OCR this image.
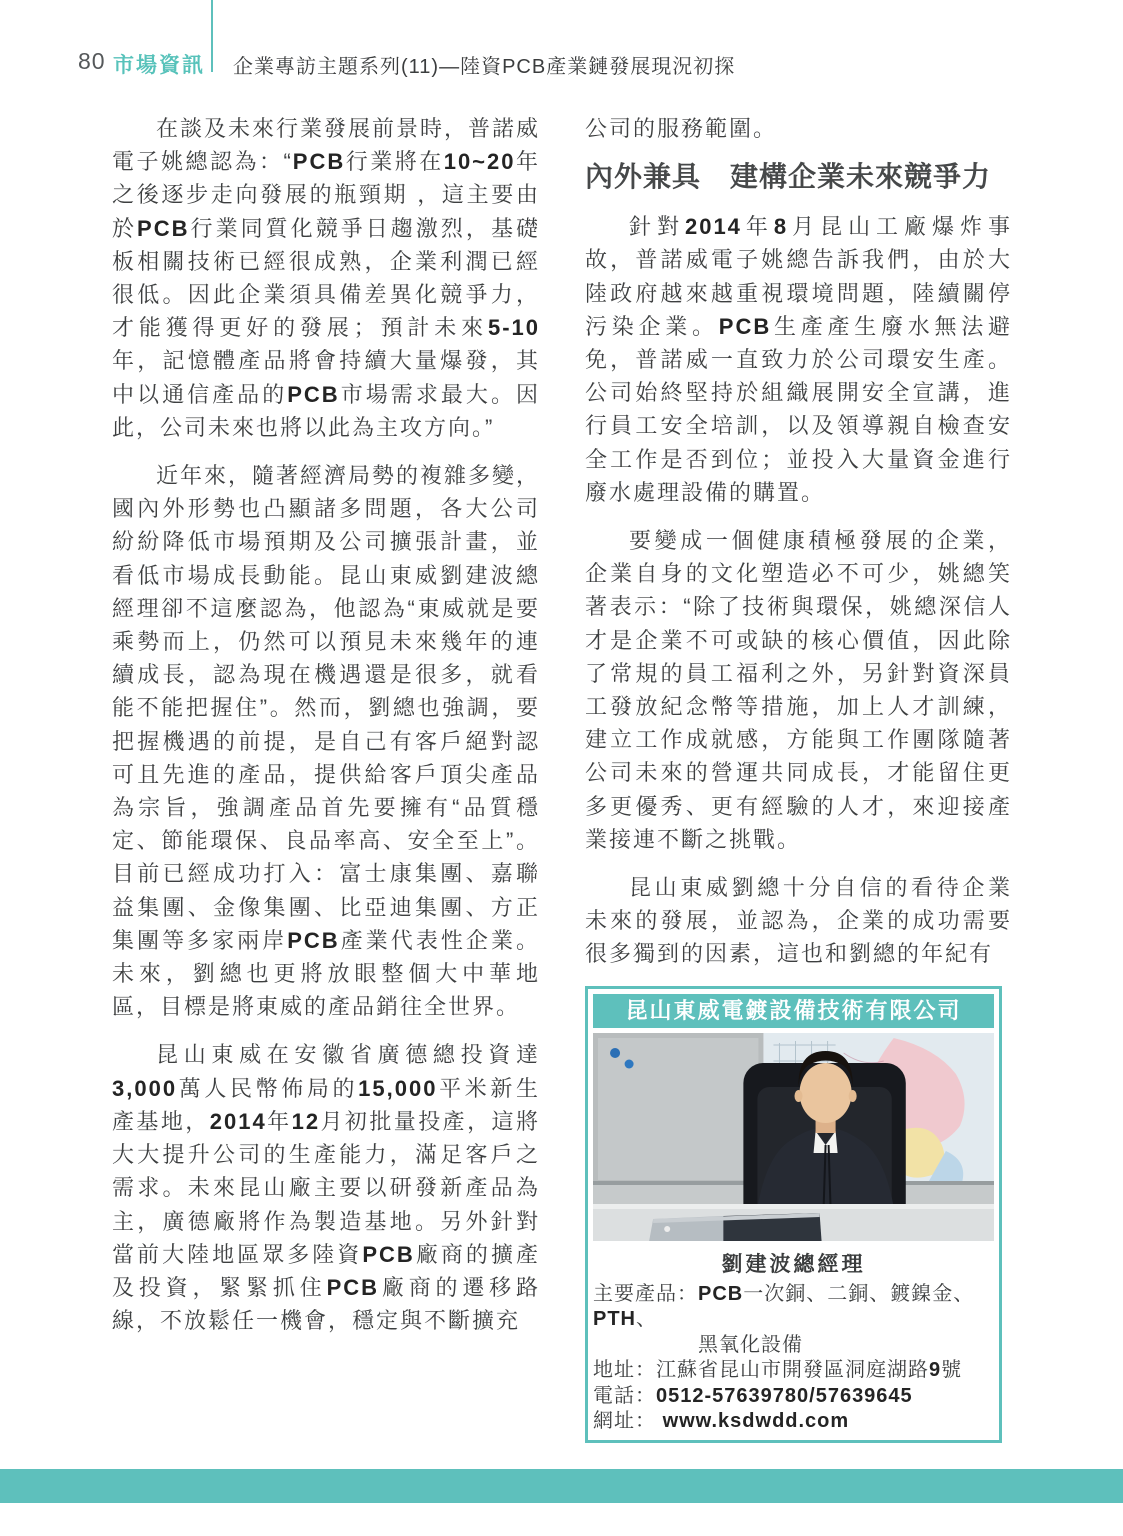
80 市場資訊 企業專訪主題系列(11)—陸資PCB產業鏈發展現況初探

在談及未來行業發展前景時，普諾威電子姚總認為：“PCB行業將在10~20年之後逐步走向發展的瓶頸期 ，這主要由於PCB行業同質化競爭日趨激烈，基礎板相關技術已經很成熟，企業利潤已經很低。因此企業須具備差異化競爭力，才能獲得更好的發展；預計未來5-10年，記憶體產品將會持續大量爆發，其中以通信產品的PCB市場需求最大。因此，公司未來也將以此為主攻方向。”

近年來，隨著經濟局勢的複雜多變，國內外形勢也凸顯諸多問題，各大公司紛紛降低市場預期及公司擴張計畫，並看低市場成長動能。昆山東威劉建波總經理卻不這麼認為，他認為“東威就是要乘勢而上，仍然可以預見未來幾年的連續成長，認為現在機遇還是很多，就看能不能把握住”。然而，劉總也強調，要把握機遇的前提，是自己有客戶絕對認可且先進的產品，提供給客戶頂尖產品為宗旨，強調產品首先要擁有“品質穩定、節能環保、良品率高、安全至上”。目前已經成功打入：富士康集團、嘉聯益集團、金像集團、比亞迪集團、方正集團等多家兩岸PCB產業代表性企業。未來，劉總也更將放眼整個大中華地區，目標是將東威的產品銷往全世界。

昆山東威在安徽省廣德總投資達3,000萬人民幣佈局的15,000平米新生產基地，2014年12月初批量投產，這將大大提升公司的生產能力，滿足客戶之需求。未來昆山廠主要以研發新產品為主，廣德廠將作為製造基地。另外針對當前大陸地區眾多陸資PCB廠商的擴產及投資，緊緊抓住PCB廠商的遷移路線，不放鬆任一機會，穩定與不斷擴充

公司的服務範圍。

內外兼具　建構企業未來競爭力

針對2014年8月昆山工廠爆炸事故，普諾威電子姚總告訴我們，由於大陸政府越來越重視環境問題，陸續關停污染企業。PCB生產產生廢水無法避免，普諾威一直致力於公司環安生產。公司始終堅持於組織展開安全宣講，進行員工安全培訓，以及領導親自檢查安全工作是否到位；並投入大量資金進行廢水處理設備的購置。

要變成一個健康積極發展的企業，企業自身的文化塑造必不可少，姚總笑著表示：“除了技術與環保，姚總深信人才是企業不可或缺的核心價值，因此除了常規的員工福利之外，另針對資深員工發放紀念幣等措施，加上人才訓練，建立工作成就感，方能與工作團隊隨著公司未來的營運共同成長，才能留住更多更優秀、更有經驗的人才，來迎接產業接連不斷之挑戰。

昆山東威劉總十分自信的看待企業未來的發展，並認為，企業的成功需要很多獨到的因素，這也和劉總的年紀有

昆山東威電鍍設備技術有限公司
劉建波總經理
主要產品：PCB一次銅、二銅、鍍鎳金、PTH、
黑氧化設備
地址：江蘇省昆山市開發區洞庭湖路9號
電話：0512-57639780/57639645
網址： www.ksdwdd.com
